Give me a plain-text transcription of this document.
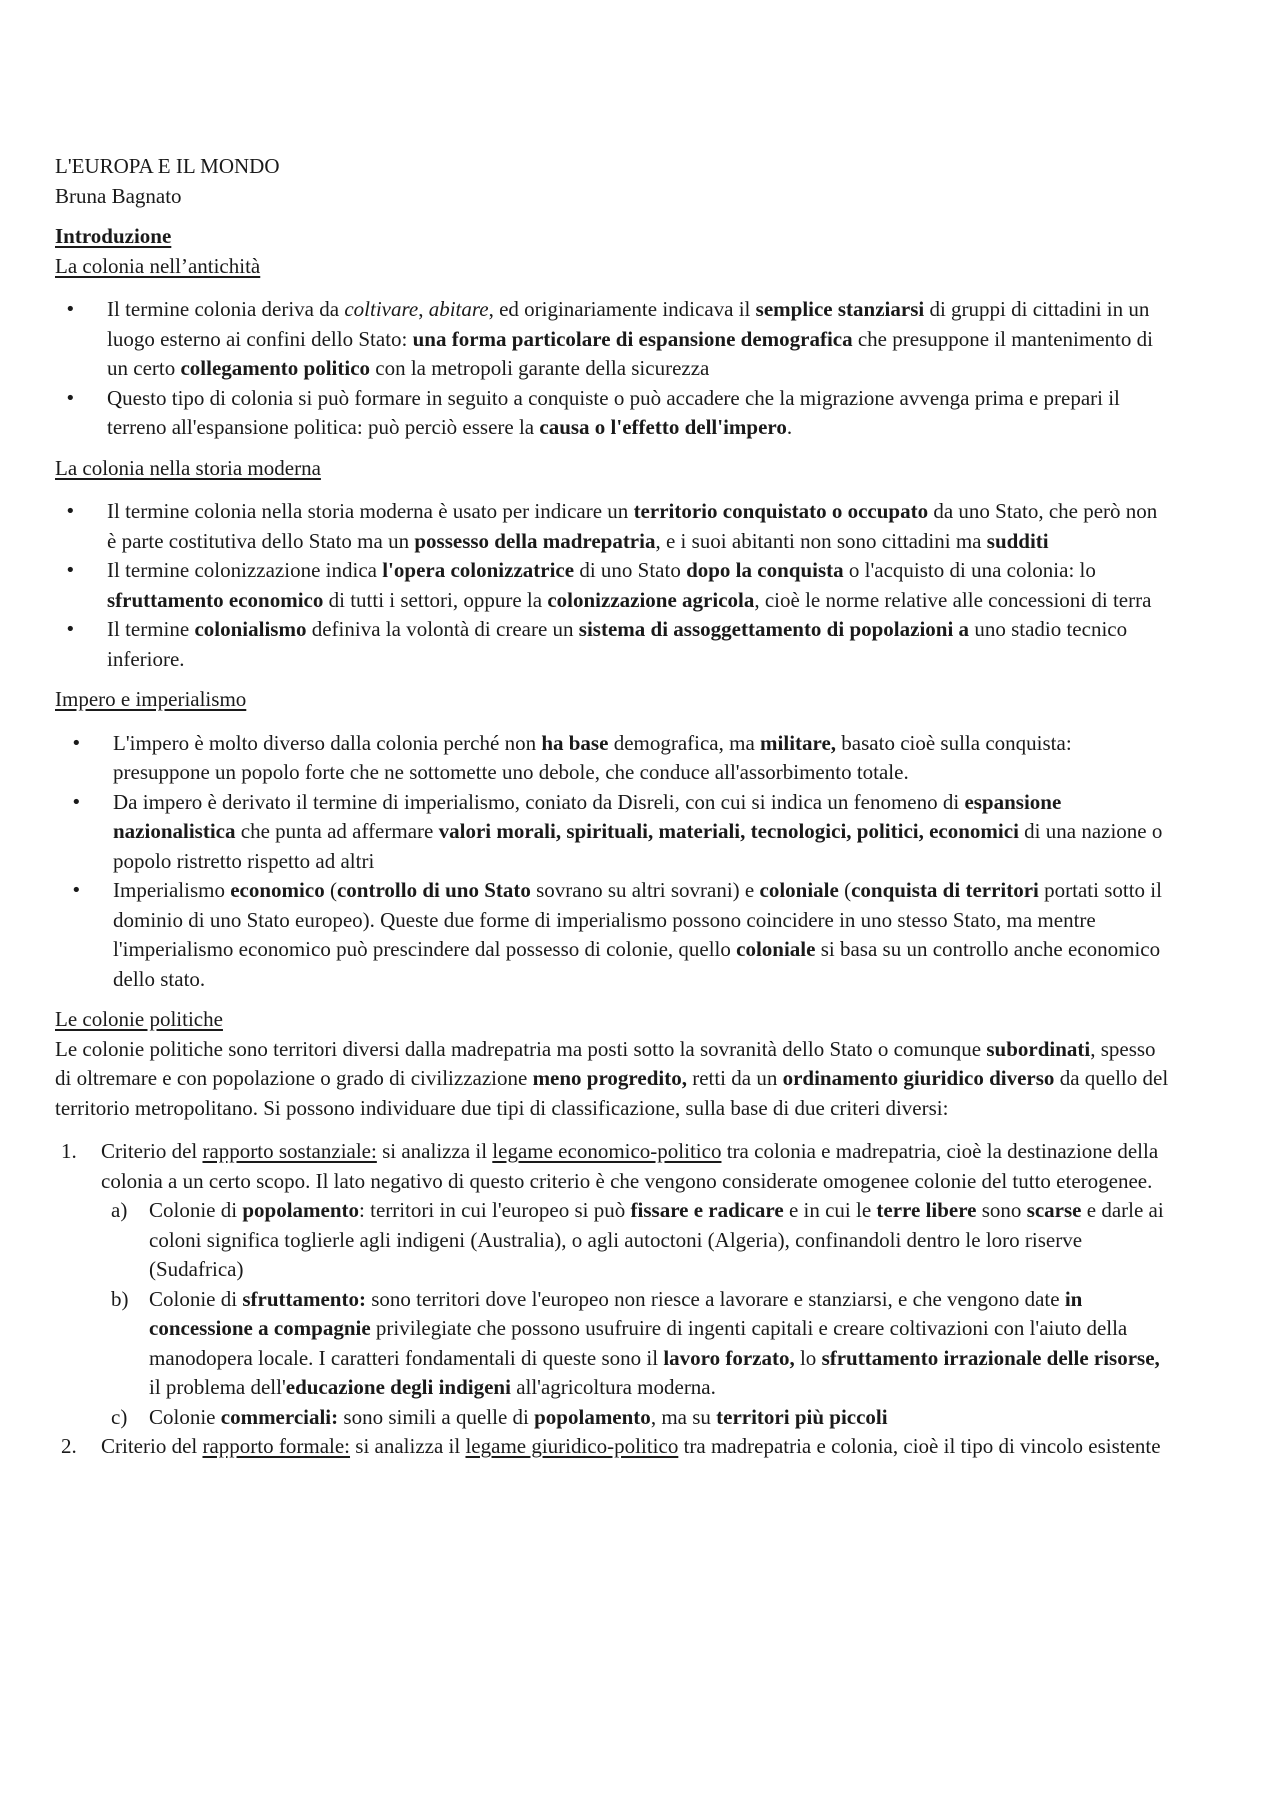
L'EUROPA E IL MONDO

Bruna Bagnato

Introduzione

La colonia nell’antichità

• Il termine colonia deriva da coltivare, abitare, ed originariamente indicava il semplice stanziarsi di gruppi di cittadini in un luogo esterno ai confini dello Stato: una forma particolare di espansione demografica che presuppone il mantenimento di un certo collegamento politico con la metropoli garante della sicurezza
• Questo tipo di colonia si può formare in seguito a conquiste o può accadere che la migrazione avvenga prima e prepari il terreno all'espansione politica: può perciò essere la causa o l'effetto dell'impero.

La colonia nella storia moderna

• Il termine colonia nella storia moderna è usato per indicare un territorio conquistato o occupato da uno Stato, che però non è parte costitutiva dello Stato ma un possesso della madrepatria, e i suoi abitanti non sono cittadini ma sudditi
• Il termine colonizzazione indica l'opera colonizzatrice di uno Stato dopo la conquista o l'acquisto di una colonia: lo sfruttamento economico di tutti i settori, oppure la colonizzazione agricola, cioè le norme relative alle concessioni di terra
• Il termine colonialismo definiva la volontà di creare un sistema di assoggettamento di popolazioni a uno stadio tecnico inferiore.

Impero e imperialismo

• L'impero è molto diverso dalla colonia perché non ha base demografica, ma militare, basato cioè sulla conquista: presuppone un popolo forte che ne sottomette uno debole, che conduce all'assorbimento totale.
• Da impero è derivato il termine di imperialismo, coniato da Disreli, con cui si indica un fenomeno di espansione nazionalistica che punta ad affermare valori morali, spirituali, materiali, tecnologici, politici, economici di una nazione o popolo ristretto rispetto ad altri
• Imperialismo economico (controllo di uno Stato sovrano su altri sovrani) e coloniale (conquista di territori portati sotto il dominio di uno Stato europeo). Queste due forme di imperialismo possono coincidere in uno stesso Stato, ma mentre l'imperialismo economico può prescindere dal possesso di colonie, quello coloniale si basa su un controllo anche economico dello stato.

Le colonie politiche

Le colonie politiche sono territori diversi dalla madrepatria ma posti sotto la sovranità dello Stato o comunque subordinati, spesso di oltremare e con popolazione o grado di civilizzazione meno progredito, retti da un ordinamento giuridico diverso da quello del territorio metropolitano. Si possono individuare due tipi di classificazione, sulla base di due criteri diversi:

1. Criterio del rapporto sostanziale: si analizza il legame economico-politico tra colonia e madrepatria, cioè la destinazione della colonia a un certo scopo. Il lato negativo di questo criterio è che vengono considerate omogenee colonie del tutto eterogenee.
a) Colonie di popolamento: territori in cui l'europeo si può fissare e radicare e in cui le terre libere sono scarse e darle ai coloni significa toglierle agli indigeni (Australia), o agli autoctoni (Algeria), confinandoli dentro le loro riserve (Sudafrica)
b) Colonie di sfruttamento: sono territori dove l'europeo non riesce a lavorare e stanziarsi, e che vengono date in concessione a compagnie privilegiate che possono usufruire di ingenti capitali e creare coltivazioni con l'aiuto della manodopera locale. I caratteri fondamentali di queste sono il lavoro forzato, lo sfruttamento irrazionale delle risorse, il problema dell'educazione degli indigeni all'agricoltura moderna.
c) Colonie commerciali: sono simili a quelle di popolamento, ma su territori più piccoli
2. Criterio del rapporto formale: si analizza il legame giuridico-politico tra madrepatria e colonia, cioè il tipo di vincolo esistente
